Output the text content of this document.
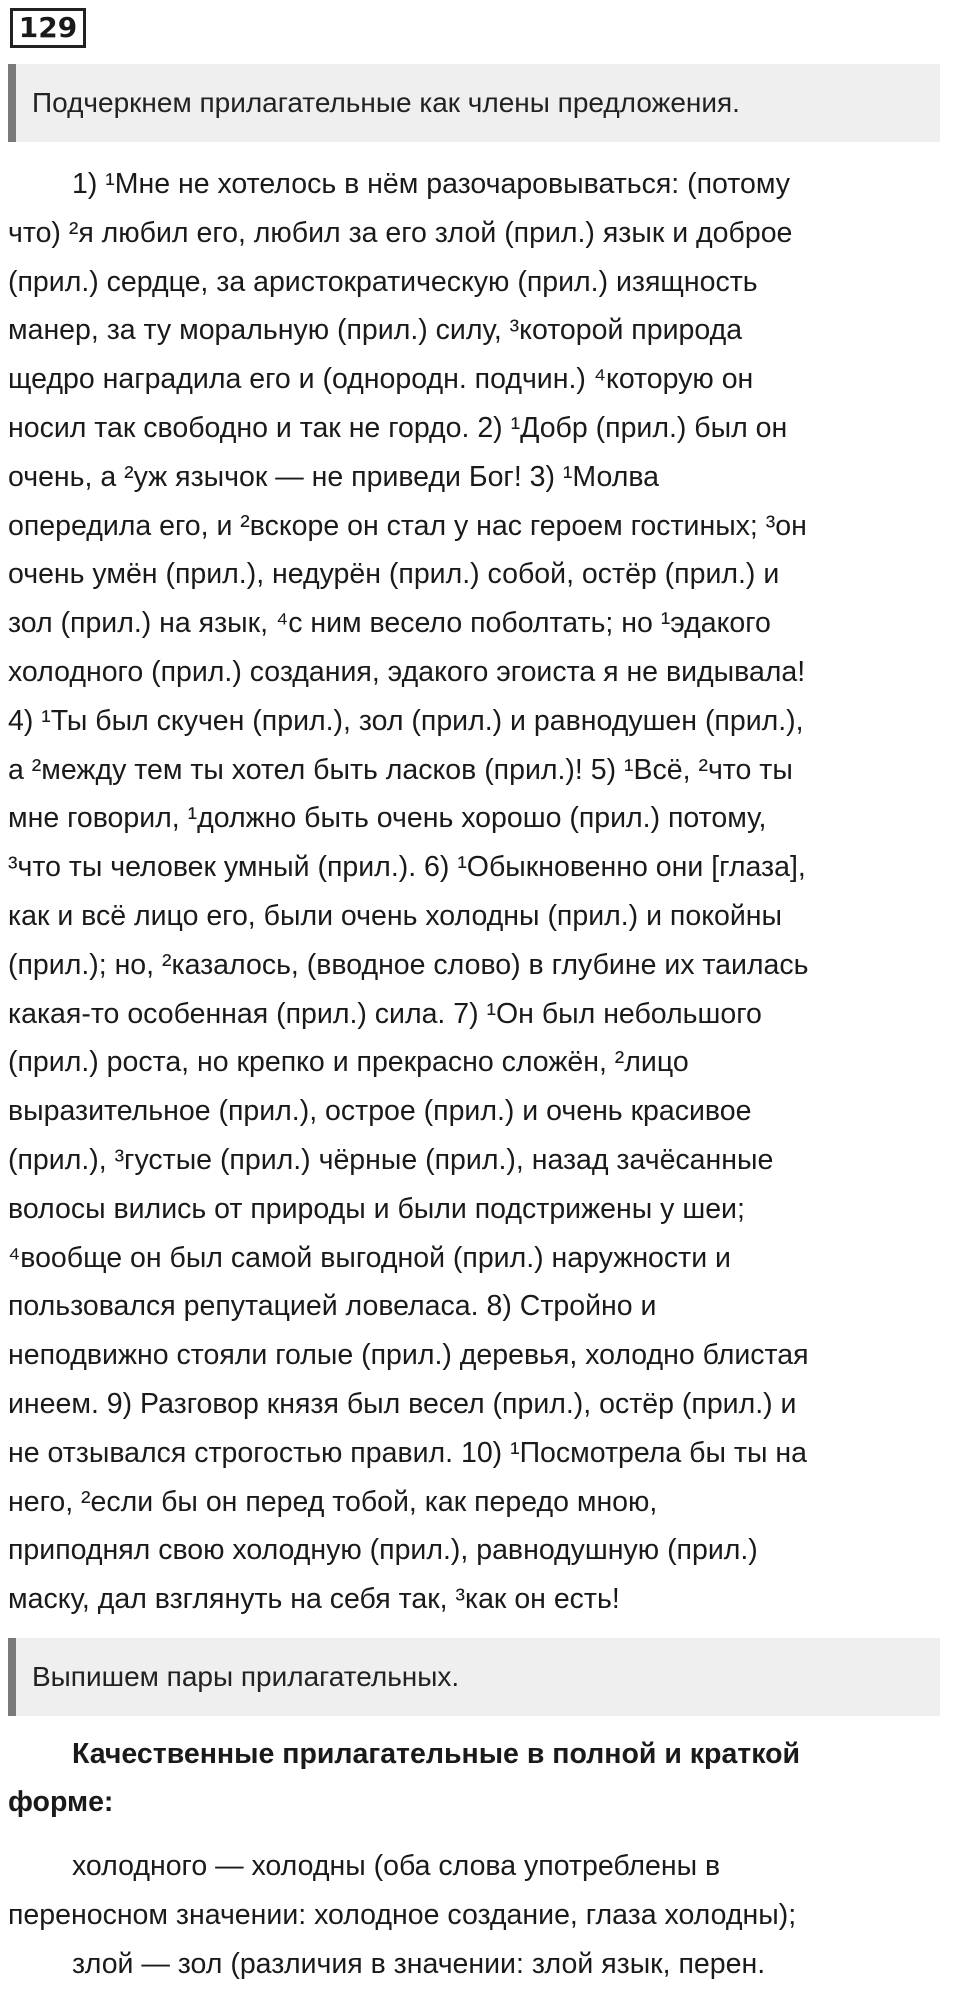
129
Подчеркнем прилагательные как члены предложения.
1) ¹Мне не хотелось в нём разочаровываться: (потому
что) ²я любил его, любил за его злой (прил.) язык и доброе
(прил.) сердце, за аристократическую (прил.) изящность
манер, за ту моральную (прил.) силу, ³которой природа
щедро наградила его и (однородн. подчин.) ⁴которую он
носил так свободно и так не гордо. 2) ¹Добр (прил.) был он
очень, а ²уж язычок — не приведи Бог! 3) ¹Молва
опередила его, и ²вскоре он стал у нас героем гостиных; ³он
очень умён (прил.), недурён (прил.) собой, остёр (прил.) и
зол (прил.) на язык, ⁴с ним весело поболтать; но ¹эдакого
холодного (прил.) создания, эдакого эгоиста я не видывала!
4) ¹Ты был скучен (прил.), зол (прил.) и равнодушен (прил.),
а ²между тем ты хотел быть ласков (прил.)! 5) ¹Всё, ²что ты
мне говорил, ¹должно быть очень хорошо (прил.) потому,
³что ты человек умный (прил.). 6) ¹Обыкновенно они [глаза],
как и всё лицо его, были очень холодны (прил.) и покойны
(прил.); но, ²казалось, (вводное слово) в глубине их таилась
какая-то особенная (прил.) сила. 7) ¹Он был небольшого
(прил.) роста, но крепко и прекрасно сложён, ²лицо
выразительное (прил.), острое (прил.) и очень красивое
(прил.), ³густые (прил.) чёрные (прил.), назад зачёсанные
волосы вились от природы и были подстрижены у шеи;
⁴вообще он был самой выгодной (прил.) наружности и
пользовался репутацией ловеласа. 8) Стройно и
неподвижно стояли голые (прил.) деревья, холодно блистая
инеем. 9) Разговор князя был весел (прил.), остёр (прил.) и
не отзывался строгостью правил. 10) ¹Посмотрела бы ты на
него, ²если бы он перед тобой, как передо мною,
приподнял свою холодную (прил.), равнодушную (прил.)
маску, дал взглянуть на себя так, ³как он есть!
Выпишем пары прилагательных.
Качественные прилагательные в полной и краткой
форме:
холодного — холодны (оба слова употреблены в
переносном значении: холодное создание, глаза холодны);
злой — зол (различия в значении: злой язык, перен.
